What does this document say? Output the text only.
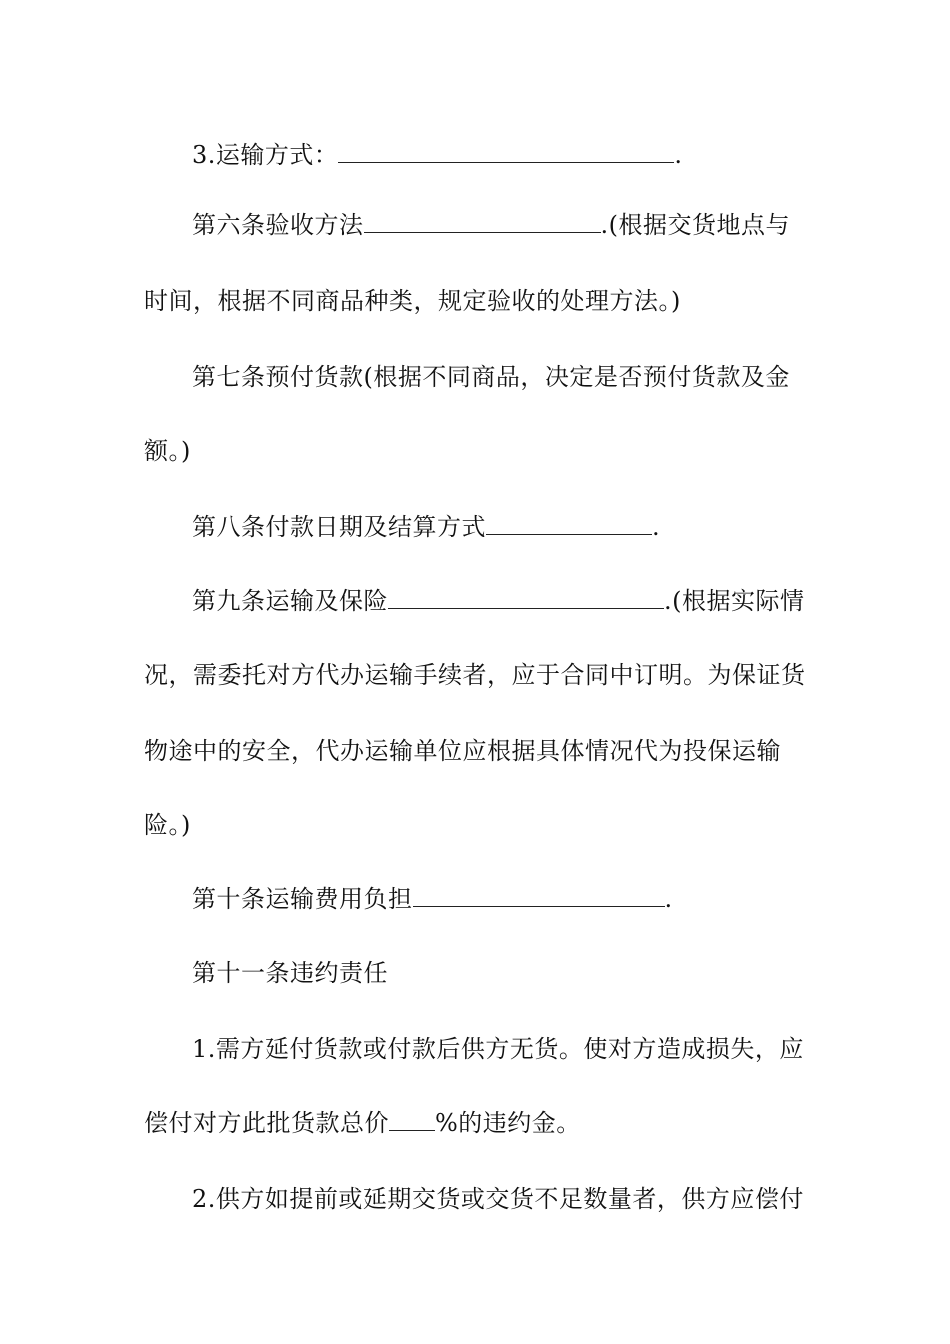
3.运输方式：	.
第六条验收方法	.(根据交货地点与
时间，根据不同商品种类，规定验收的处理方法。)
第七条预付货款(根据不同商品，决定是否预付货款及金
额。)
第八条付款日期及结算方式	.
第九条运输及保险	.(根据实际情
况，需委托对方代办运输手续者，应于合同中订明。为保证货
物途中的安全，代办运输单位应根据具体情况代为投保运输
险。)
第十条运输费用负担	.
第十一条违约责任
1.需方延付货款或付款后供方无货。使对方造成损失，应
偿付对方此批货款总价 %的违约金。
2.供方如提前或延期交货或交货不足数量者，供方应偿付
